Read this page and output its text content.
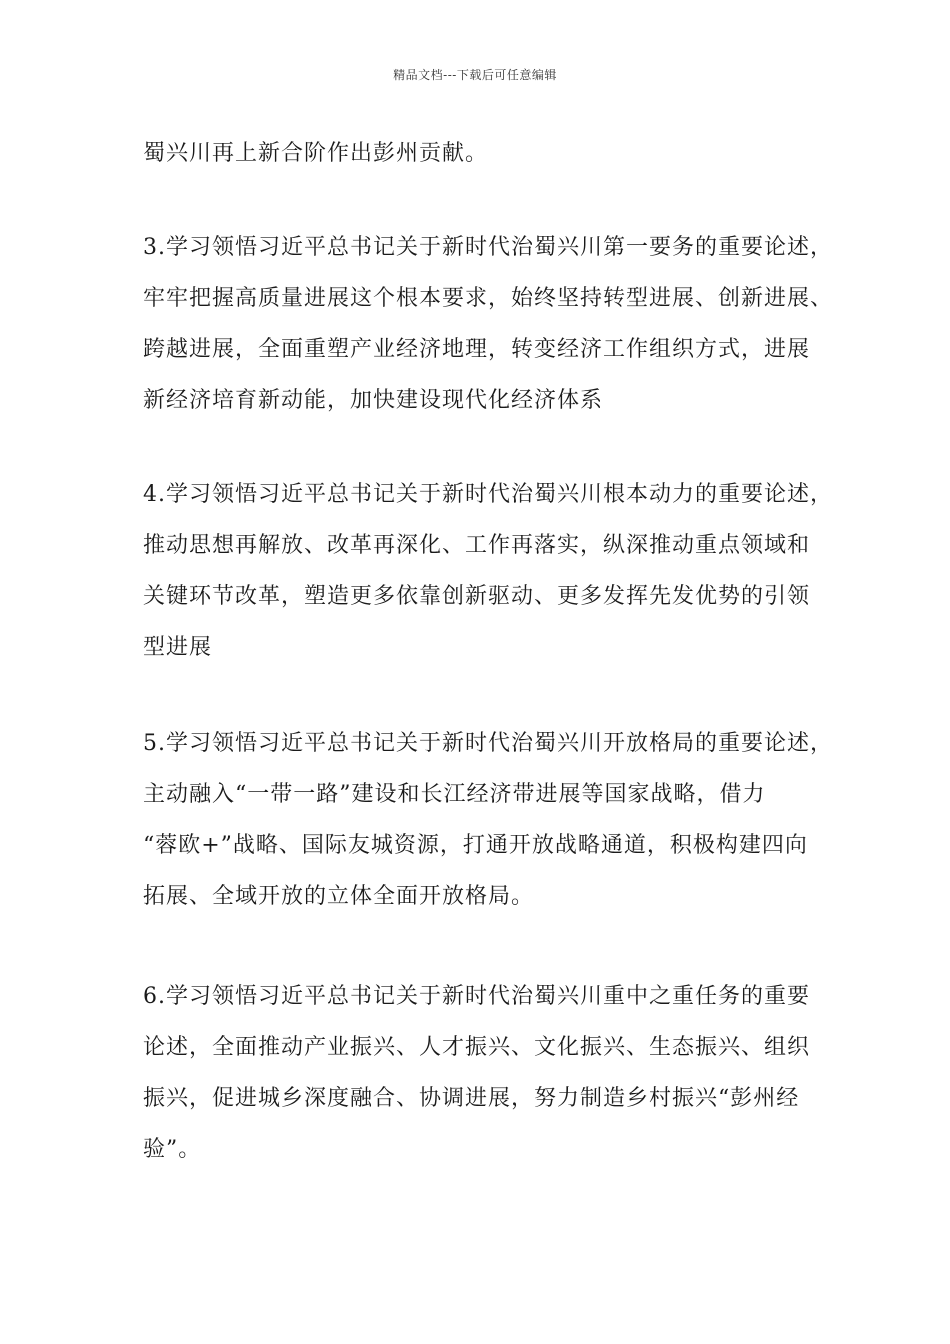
精品文档---下载后可任意编辑
蜀兴川再上新合阶作出彭州贡献。
3.学习领悟习近平总书记关于新时代治蜀兴川第一要务的重要论述，
牢牢把握高质量进展这个根本要求，始终坚持转型进展、创新进展、
跨越进展，全面重塑产业经济地理，转变经济工作组织方式，进展
新经济培育新动能，加快建设现代化经济体系
4.学习领悟习近平总书记关于新时代治蜀兴川根本动力的重要论述，
推动思想再解放、改革再深化、工作再落实，纵深推动重点领域和
关键环节改革，塑造更多依靠创新驱动、更多发挥先发优势的引领
型进展
5.学习领悟习近平总书记关于新时代治蜀兴川开放格局的重要论述，
主动融入“一带一路”建设和长江经济带进展等国家战略，借力
“蓉欧+”战略、国际友城资源，打通开放战略通道，积极构建四向
拓展、全域开放的立体全面开放格局。
6.学习领悟习近平总书记关于新时代治蜀兴川重中之重任务的重要
论述，全面推动产业振兴、人才振兴、文化振兴、生态振兴、组织
振兴，促进城乡深度融合、协调进展，努力制造乡村振兴“彭州经
验”。
